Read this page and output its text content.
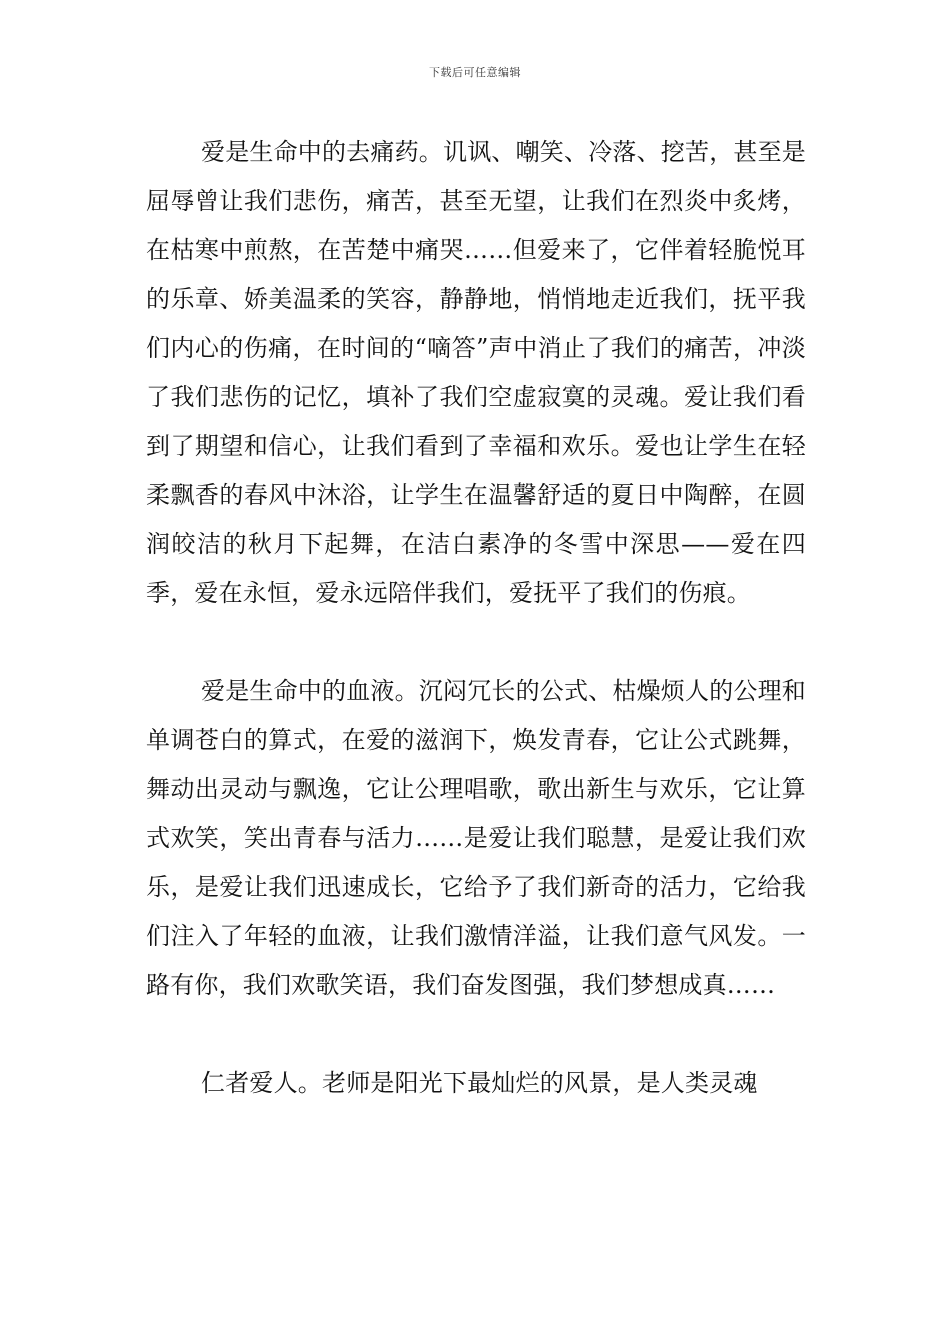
下载后可任意编辑

爱是生命中的去痛药。讥讽、嘲笑、冷落、挖苦，甚至是屈辱曾让我们悲伤，痛苦，甚至无望，让我们在烈炎中炙烤，在枯寒中煎熬，在苦楚中痛哭……但爱来了，它伴着轻脆悦耳的乐章、娇美温柔的笑容，静静地，悄悄地走近我们，抚平我们内心的伤痛，在时间的“嘀答”声中消止了我们的痛苦，冲淡了我们悲伤的记忆，填补了我们空虚寂寞的灵魂。爱让我们看到了期望和信心，让我们看到了幸福和欢乐。爱也让学生在轻柔飘香的春风中沐浴，让学生在温馨舒适的夏日中陶醉，在圆润皎洁的秋月下起舞，在洁白素净的冬雪中深思——爱在四季，爱在永恒，爱永远陪伴我们，爱抚平了我们的伤痕。

爱是生命中的血液。沉闷冗长的公式、枯燥烦人的公理和单调苍白的算式，在爱的滋润下，焕发青春，它让公式跳舞，舞动出灵动与飘逸，它让公理唱歌，歌出新生与欢乐，它让算式欢笑，笑出青春与活力……是爱让我们聪慧，是爱让我们欢乐，是爱让我们迅速成长，它给予了我们新奇的活力，它给我们注入了年轻的血液，让我们激情洋溢，让我们意气风发。一路有你，我们欢歌笑语，我们奋发图强，我们梦想成真……

仁者爱人。老师是阳光下最灿烂的风景，是人类灵魂
